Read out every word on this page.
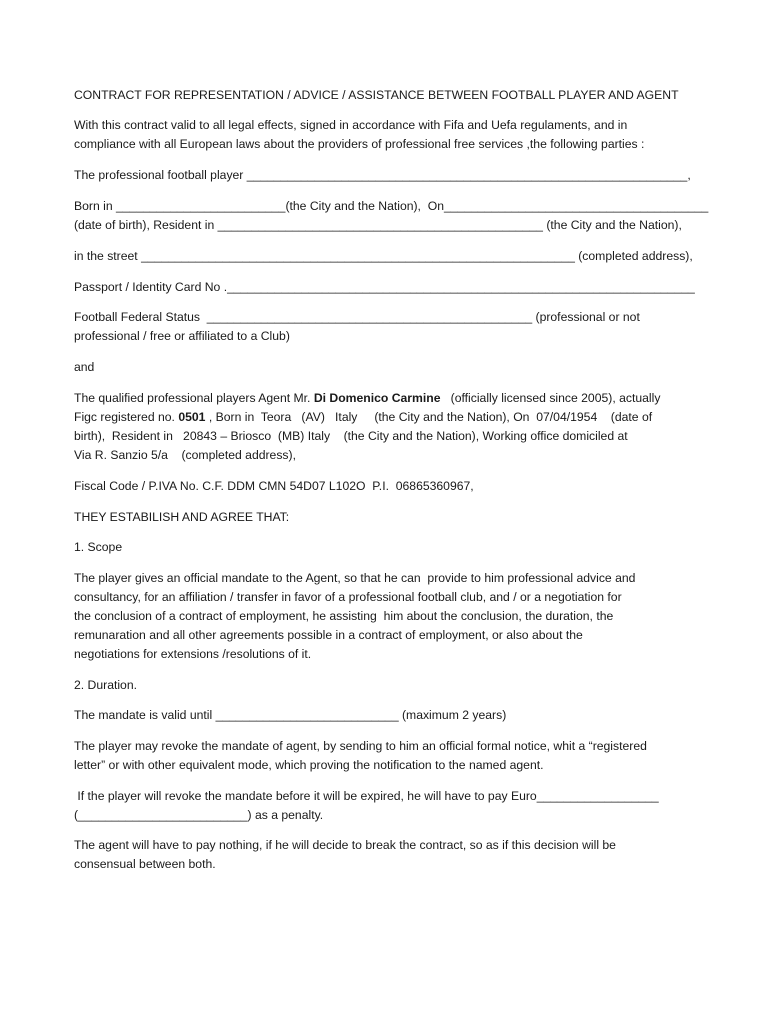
CONTRACT FOR REPRESENTATION / ADVICE / ASSISTANCE BETWEEN FOOTBALL PLAYER AND AGENT

With this contract valid to all legal effects, signed in accordance with Fifa and Uefa regulaments, and in

compliance with all European laws about the providers of professional free services ,the following parties :

The professional football player _________________________________________________________________,

Born in _________________________(the City and the Nation),  On_______________________________________

(date of birth), Resident in ________________________________________________ (the City and the Nation),

in the street ________________________________________________________________ (completed address),

Passport / Identity Card No ._____________________________________________________________________

Football Federal Status  ________________________________________________ (professional or not

professional / free or affiliated to a Club)

and

The qualified professional players Agent Mr. Di Domenico Carmine   (officially licensed since 2005), actually

Figc registered no. 0501 , Born in  Teora   (AV)   Italy     (the City and the Nation), On  07/04/1954    (date of

birth),  Resident in   20843 – Briosco  (MB) Italy    (the City and the Nation), Working office domiciled at

Via R. Sanzio 5/a    (completed address),

Fiscal Code / P.IVA No. C.F. DDM CMN 54D07 L102O  P.I.  06865360967,

THEY ESTABILISH AND AGREE THAT:

1. Scope

The player gives an official mandate to the Agent, so that he can  provide to him professional advice and

consultancy, for an affiliation / transfer in favor of a professional football club, and / or a negotiation for

the conclusion of a contract of employment, he assisting  him about the conclusion, the duration, the

remunaration and all other agreements possible in a contract of employment, or also about the

negotiations for extensions /resolutions of it.

2. Duration.

The mandate is valid until ___________________________ (maximum 2 years)

The player may revoke the mandate of agent, by sending to him an official formal notice, whit a “registered

letter” or with other equivalent mode, which proving the notification to the named agent.

If the player will revoke the mandate before it will be expired, he will have to pay Euro__________________

(_________________________) as a penalty.

The agent will have to pay nothing, if he will decide to break the contract, so as if this decision will be

consensual between both.
